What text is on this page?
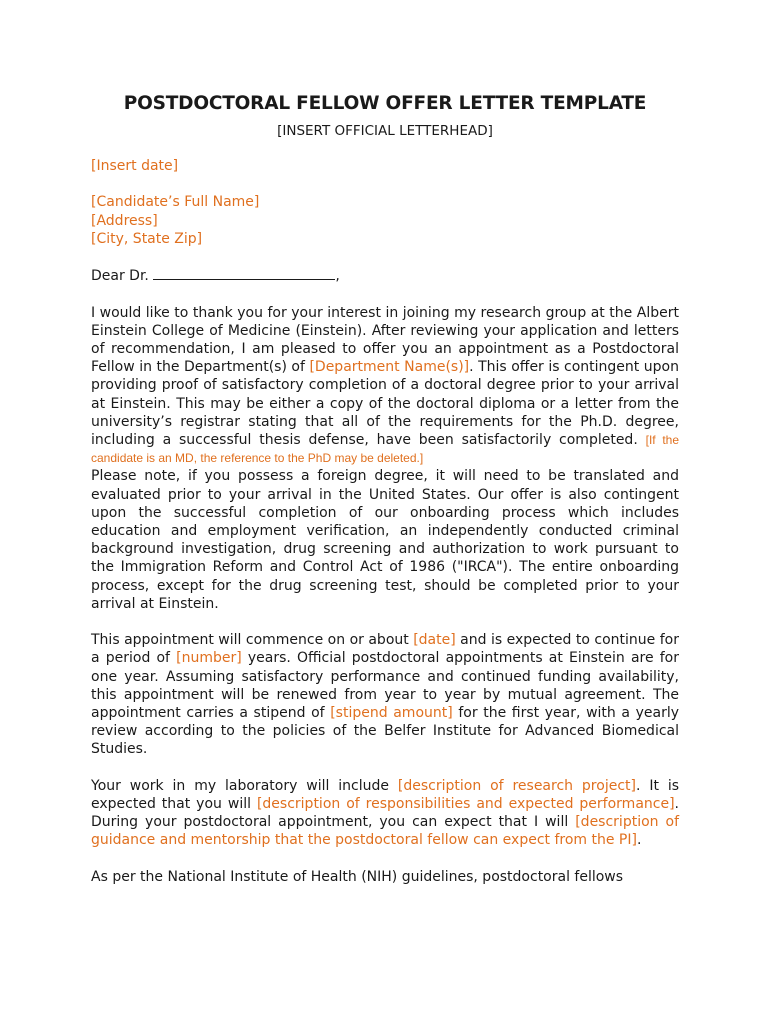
POSTDOCTORAL FELLOW OFFER LETTER TEMPLATE
[INSERT OFFICIAL LETTERHEAD]

[Insert date]

[Candidate’s Full Name]

[Address]

[City, State Zip]

Dear Dr.	,

I would like to thank you for your interest in joining my research group at the Albert Einstein College of Medicine (Einstein). After reviewing your application and letters of recommendation, I am pleased to offer you an appointment as a Postdoctoral Fellow in the Department(s) of [Department Name(s)]. This offer is contingent upon providing proof of satisfactory completion of a doctoral degree prior to your arrival at Einstein. This may be either a copy of the doctoral diploma or a letter from the university’s registrar stating that all of the requirements for the Ph.D. degree, including a successful thesis defense, have been satisfactorily completed. [If the candidate is an MD, the reference to the PhD may be deleted.]

Please note, if you possess a foreign degree, it will need to be translated and evaluated prior to your arrival in the United States. Our offer is also contingent upon the successful completion of our onboarding process which includes education and employment verification, an independently conducted criminal background investigation, drug screening and authorization to work pursuant to the Immigration Reform and Control Act of 1986 ("IRCA"). The entire onboarding process, except for the drug screening test, should be completed prior to your arrival at Einstein.

This appointment will commence on or about [date] and is expected to continue for a period of [number] years. Official postdoctoral appointments at Einstein are for one year. Assuming satisfactory performance and continued funding availability, this appointment will be renewed from year to year by mutual agreement. The appointment carries a stipend of [stipend amount] for the first year, with a yearly review according to the policies of the Belfer Institute for Advanced Biomedical Studies.

Your work in my laboratory will include [description of research project]. It is expected that you will [description of responsibilities and expected performance]. During your postdoctoral appointment, you can expect that I will [description of guidance and mentorship that the postdoctoral fellow can expect from the PI].

As per the National Institute of Health (NIH) guidelines, postdoctoral fellows
